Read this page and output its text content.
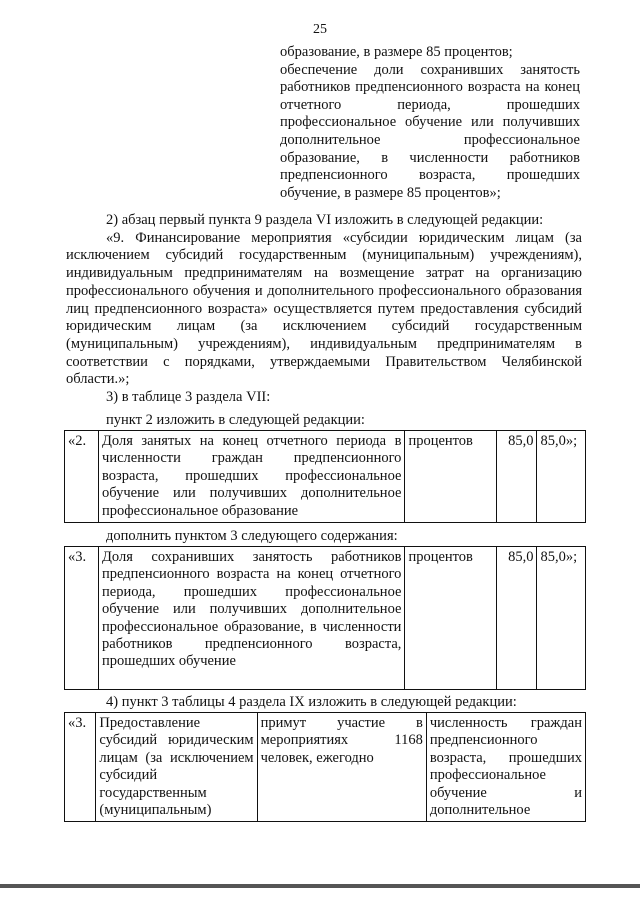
25

образование, в размере 85 процентов;

обеспечение доли сохранивших занятость работников предпенсионного возраста на конец отчетного периода, прошедших профессиональное обучение или получивших дополнительное профессиональное образование, в численности работников предпенсионного возраста, прошедших обучение, в размере 85 процентов»;

2) абзац первый пункта 9 раздела VI изложить в следующей редакции:

«9. Финансирование мероприятия «субсидии юридическим лицам (за исключением субсидий государственным (муниципальным) учреждениям), индивидуальным предпринимателям на возмещение затрат на организацию профессионального обучения и дополнительного профессионального образования лиц предпенсионного возраста» осуществляется путем предоставления субсидий юридическим лицам (за исключением субсидий государственным (муниципальным) учреждениям), индивидуальным предпринимателям в соответствии с порядками, утверждаемыми Правительством Челябинской области.»;

3) в таблице 3 раздела VII:

пункт 2 изложить в следующей редакции:
«2.	Доля занятых на конец отчетного периода в численности граждан предпенсионного возраста, прошедших профессиональное обучение или получивших дополнительное профессиональное образование	процентов	85,0	85,0»;
дополнить пунктом 3 следующего содержания:
«3.	Доля сохранивших занятость работников предпенсионного возраста на конец отчетного периода, прошедших профессиональное обучение или получивших дополнительное профессиональное образование, в численности работников предпенсионного возраста, прошедших обучение	процентов	85,0	85,0»;
4) пункт 3 таблицы 4 раздела IX изложить в следующей редакции:
«3.	Предоставление субсидий юридическим лицам (за исключением субсидий государственным (муниципальным)	примут участие в мероприятиях 1168 человек, ежегодно	численность граждан предпенсионного возраста, прошедших профессиональное обучение и дополнительное
